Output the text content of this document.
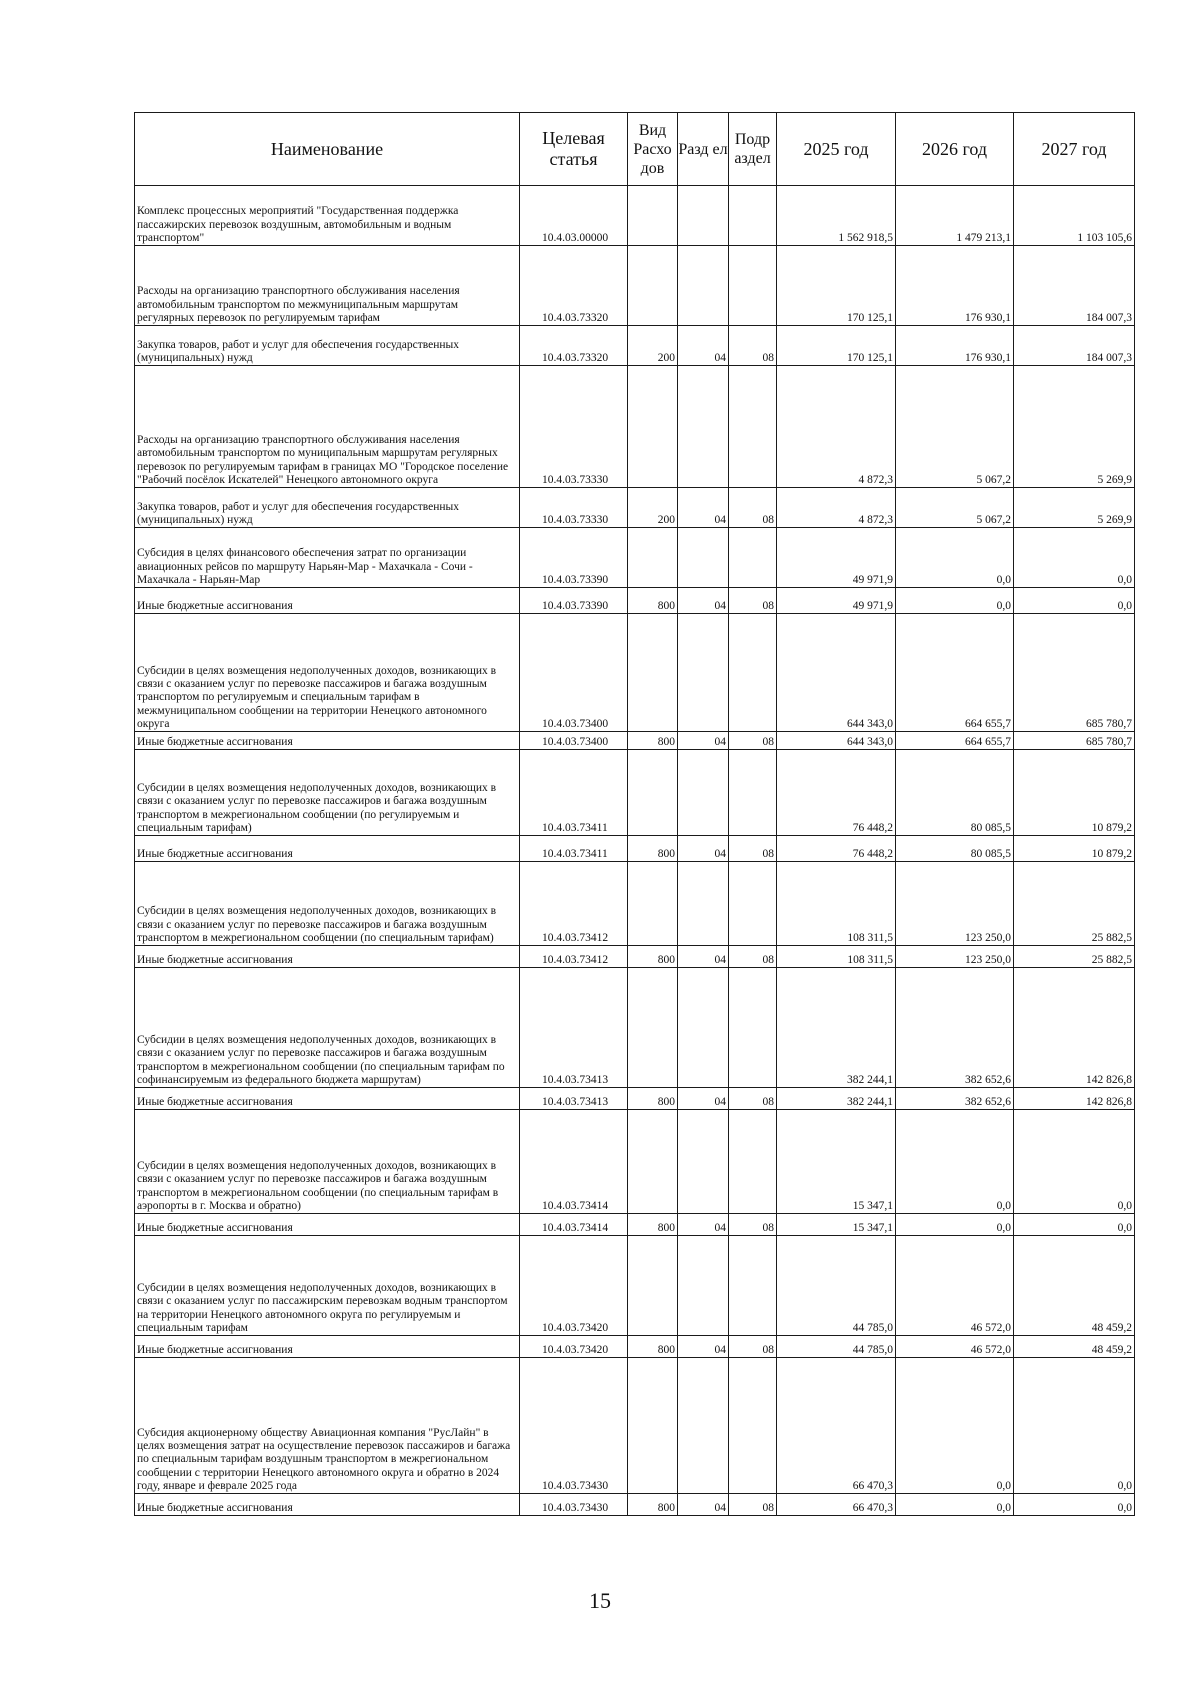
Наименование	Целевая статья	Вид Расхо дов	Разд ел	Подр аздел	2025 год	2026 год	2027 год
Комплекс процессных мероприятий "Государственная поддержка пассажирских перевозок воздушным, автомобильным и водным транспортом"	10.4.03.00000				1 562 918,5	1 479 213,1	1 103 105,6
Расходы на организацию транспортного обслуживания населения автомобильным транспортом по межмуниципальным маршрутам регулярных перевозок по регулируемым тарифам	10.4.03.73320				170 125,1	176 930,1	184 007,3
Закупка товаров, работ и услуг для обеспечения государственных (муниципальных) нужд	10.4.03.73320	200	04	08	170 125,1	176 930,1	184 007,3
Расходы на организацию транспортного обслуживания населения автомобильным транспортом по муниципальным маршрутам регулярных перевозок по регулируемым тарифам в границах МО "Городское поселение "Рабочий посёлок Искателей" Ненецкого автономного округа	10.4.03.73330				4 872,3	5 067,2	5 269,9
Закупка товаров, работ и услуг для обеспечения государственных (муниципальных) нужд	10.4.03.73330	200	04	08	4 872,3	5 067,2	5 269,9
Субсидия в целях финансового обеспечения затрат по организации авиационных рейсов по маршруту Нарьян-Мар - Махачкала - Сочи - Махачкала - Нарьян-Мар	10.4.03.73390				49 971,9	0,0	0,0
Иные бюджетные ассигнования	10.4.03.73390	800	04	08	49 971,9	0,0	0,0
Субсидии в целях возмещения недополученных доходов, возникающих в связи с оказанием услуг по перевозке пассажиров и багажа воздушным транспортом по регулируемым и специальным тарифам в межмуниципальном сообщении на территории Ненецкого автономного округа	10.4.03.73400				644 343,0	664 655,7	685 780,7
Иные бюджетные ассигнования	10.4.03.73400	800	04	08	644 343,0	664 655,7	685 780,7
Субсидии в целях возмещения недополученных доходов, возникающих в связи с оказанием услуг по перевозке пассажиров и багажа воздушным транспортом в межрегиональном сообщении (по регулируемым и специальным тарифам)	10.4.03.73411				76 448,2	80 085,5	10 879,2
Иные бюджетные ассигнования	10.4.03.73411	800	04	08	76 448,2	80 085,5	10 879,2
Субсидии в целях возмещения недополученных доходов, возникающих в связи с оказанием услуг по перевозке пассажиров и багажа воздушным транспортом в межрегиональном сообщении (по специальным тарифам)	10.4.03.73412				108 311,5	123 250,0	25 882,5
Иные бюджетные ассигнования	10.4.03.73412	800	04	08	108 311,5	123 250,0	25 882,5
Субсидии в целях возмещения недополученных доходов, возникающих в связи с оказанием услуг по перевозке пассажиров и багажа воздушным транспортом в межрегиональном сообщении (по специальным тарифам по софинансируемым из федерального бюджета маршрутам)	10.4.03.73413				382 244,1	382 652,6	142 826,8
Иные бюджетные ассигнования	10.4.03.73413	800	04	08	382 244,1	382 652,6	142 826,8
Субсидии в целях возмещения недополученных доходов, возникающих в связи с оказанием услуг по перевозке пассажиров и багажа воздушным транспортом в межрегиональном сообщении (по специальным тарифам в аэропорты в г. Москва и обратно)	10.4.03.73414				15 347,1	0,0	0,0
Иные бюджетные ассигнования	10.4.03.73414	800	04	08	15 347,1	0,0	0,0
Субсидии в целях возмещения недополученных доходов, возникающих в связи с оказанием услуг по пассажирским перевозкам водным транспортом на территории Ненецкого автономного округа по регулируемым и специальным тарифам	10.4.03.73420				44 785,0	46 572,0	48 459,2
Иные бюджетные ассигнования	10.4.03.73420	800	04	08	44 785,0	46 572,0	48 459,2
Субсидия акционерному обществу Авиационная компания "РусЛайн" в целях возмещения затрат на осуществление перевозок пассажиров и багажа по специальным тарифам воздушным транспортом в межрегиональном сообщении с территории Ненецкого автономного округа и обратно в 2024 году, январе и феврале 2025 года	10.4.03.73430				66 470,3	0,0	0,0
Иные бюджетные ассигнования	10.4.03.73430	800	04	08	66 470,3	0,0	0,0
15
